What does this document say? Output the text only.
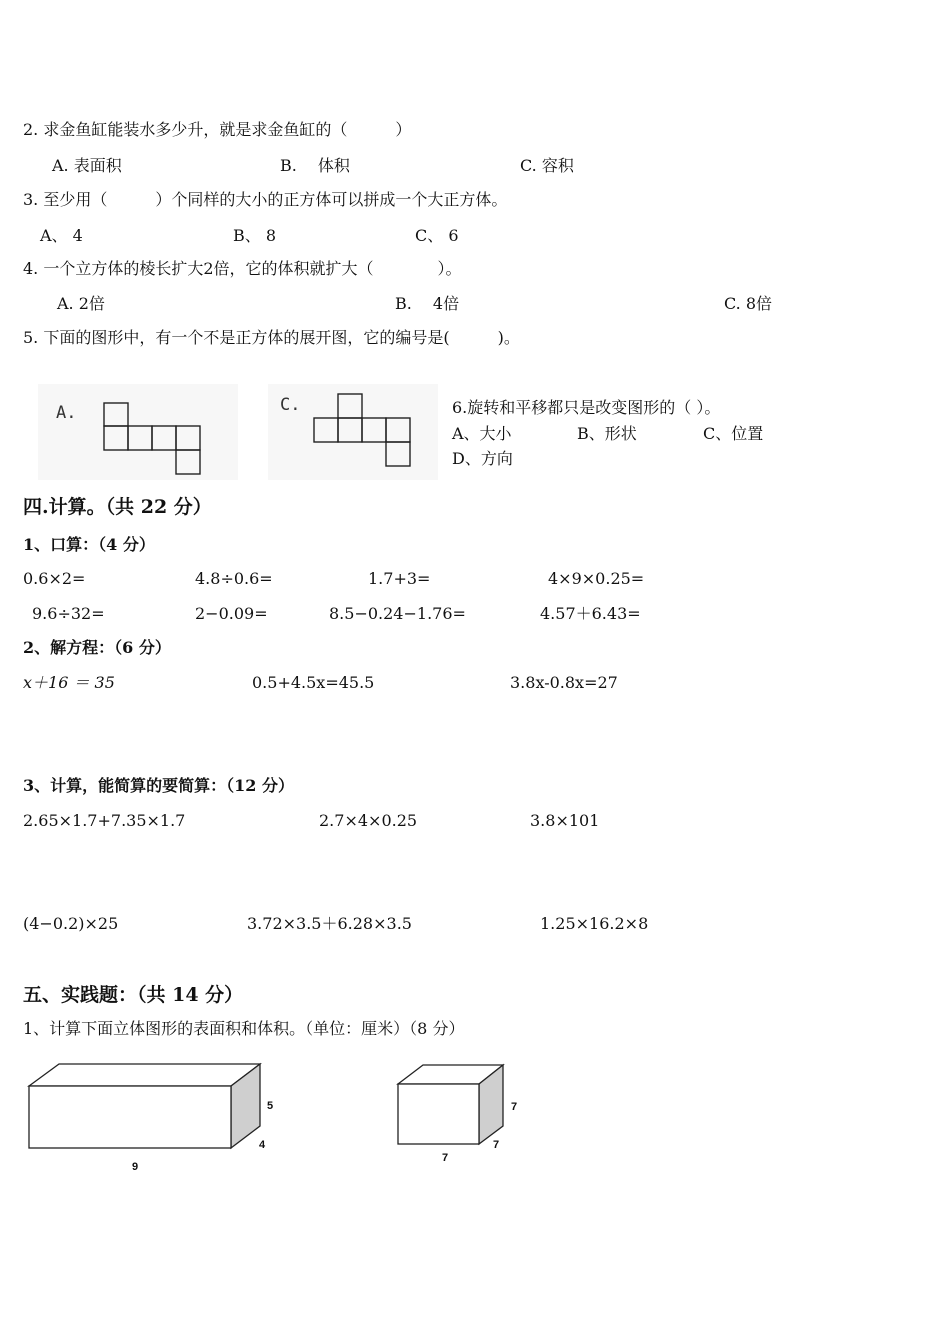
2. 求金鱼缸能装水多少升，就是求金鱼缸的（　　　）
A. 表面积	B.　 体积	C. 容积
3. 至少用（　　　）个同样的大小的正方体可以拼成一个大正方体。
A、 4	B、 8	C、 6
4. 一个立方体的棱长扩大2倍，它的体积就扩大（　　　　）。
A. 2倍	B.　 4倍	C. 8倍
5. 下面的图形中，有一个不是正方体的展开图，它的编号是(　　　)。
A.	C.	6.旋转和平移都只是改变图形的（ ）。
A、大小	B、形状	C、位置
D、方向
四.计算。（共 22 分）
1、口算：（4 分）
0.6×2=	4.8÷0.6=	1.7+3=	4×9×0.25=
9.6÷32=	2−0.09=	8.5−0.24−1.76=	4.57＋6.43=
2、解方程：（6 分）
x＋16 ＝ 35	0.5+4.5x=45.5	3.8x-0.8x=27
3、计算，能简算的要简算：（12 分）
2.65×1.7+7.35×1.7	2.7×4×0.25	3.8×101
(4−0.2)×25	3.72×3.5＋6.28×3.5	1.25×16.2×8
五、实践题：（共 14 分）
1、计算下面立体图形的表面积和体积。（单位：厘米）（8 分）
5
4
9
7
7
7
